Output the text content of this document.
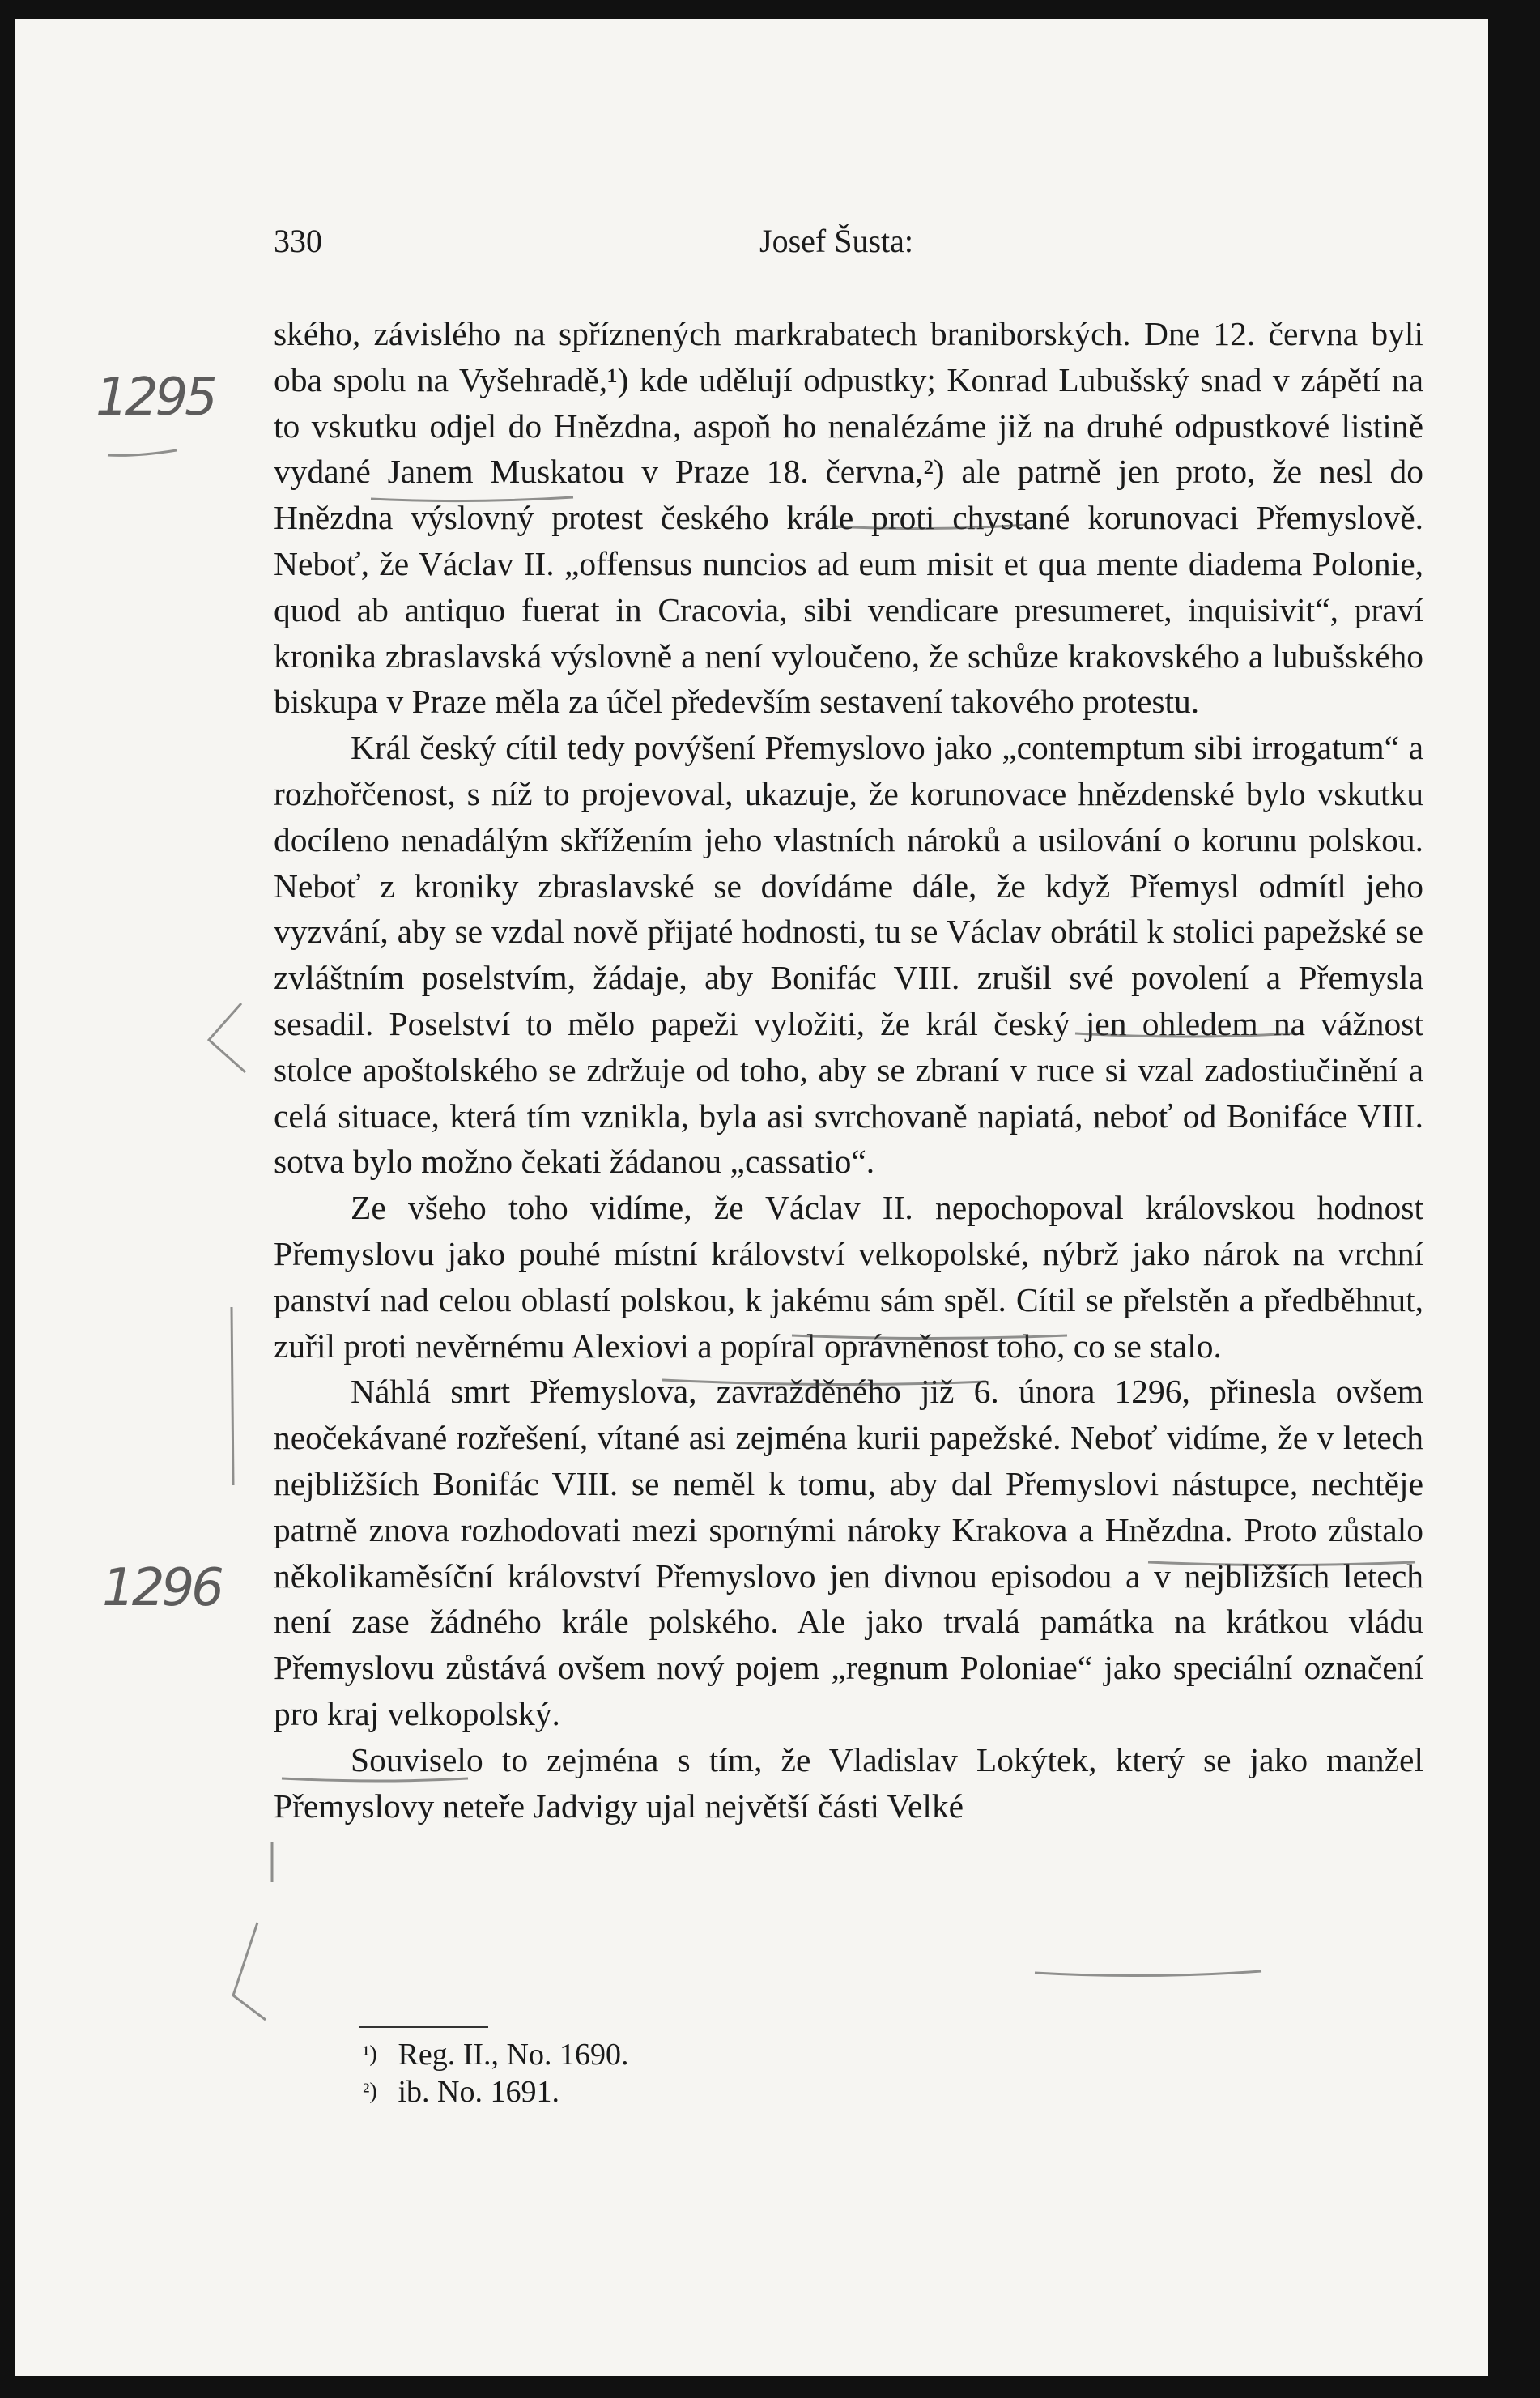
330	Josef Šusta:

ského, závislého na spříznených markrabatech braniborských. Dne 12. června byli oba spolu na Vyšehradě,¹) kde udělují odpustky; Konrad Lubušský snad v zápětí na to vskutku odjel do Hnězdna, aspoň ho nenalézáme již na druhé odpustkové listině vydané Janem Muskatou v Praze 18. června,²) ale patrně jen proto, že nesl do Hnězdna výslovný protest českého krále proti chystané korunovaci Přemyslově. Neboť, že Václav II. „offensus nuncios ad eum misit et qua mente diadema Polonie, quod ab antiquo fuerat in Cracovia, sibi vendicare presumeret, inquisivit“, praví kronika zbraslavská výslovně a není vyloučeno, že schůze krakovského a lubušského biskupa v Praze měla za účel především sestavení takového protestu.

Král český cítil tedy povýšení Přemyslovo jako „contemptum sibi irrogatum“ a rozhořčenost, s níž to projevoval, ukazuje, že korunovace hnězdenské bylo vskutku docíleno nenadálým skřížením jeho vlastních nároků a usilování o korunu polskou. Neboť z kroniky zbraslavské se dovídáme dále, že když Přemysl odmítl jeho vyzvání, aby se vzdal nově přijaté hodnosti, tu se Václav obrátil k stolici papežské se zvláštním poselstvím, žádaje, aby Bonifác VIII. zrušil své povolení a Přemysla sesadil. Poselství to mělo papeži vyložiti, že král český jen ohledem na vážnost stolce apoštolského se zdržuje od toho, aby se zbraní v ruce si vzal zadostiučinění a celá situace, která tím vznikla, byla asi svrchovaně napiatá, neboť od Bonifáce VIII. sotva bylo možno čekati žádanou „cassatio“.

Ze všeho toho vidíme, že Václav II. nepochopoval královskou hodnost Přemyslovu jako pouhé místní království velkopolské, nýbrž jako nárok na vrchní panství nad celou oblastí polskou, k jakému sám spěl. Cítil se přelstěn a předběhnut, zuřil proti nevěrnému Alexiovi a popíral oprávněnost toho, co se stalo.

Náhlá smrt Přemyslova, zavražděného již 6. února 1296, přinesla ovšem neočekávané rozřešení, vítané asi zejména kurii papežské. Neboť vidíme, že v letech nejbližších Bonifác VIII. se neměl k tomu, aby dal Přemyslovi nástupce, nechtěje patrně znova rozhodovati mezi spornými nároky Krakova a Hnězdna. Proto zůstalo několikaměsíční království Přemyslovo jen divnou episodou a v nejbližších letech není zase žádného krále polského. Ale jako trvalá památka na krátkou vládu Přemyslovu zůstává ovšem nový pojem „regnum Poloniae“ jako speciální označení pro kraj velkopolský.

Souviselo to zejména s tím, že Vladislav Lokýtek, který se jako manžel Přemyslovy neteře Jadvigy ujal největší části Velké

¹) Reg. II., No. 1690.
²) ib. No. 1691.
1295
1296
